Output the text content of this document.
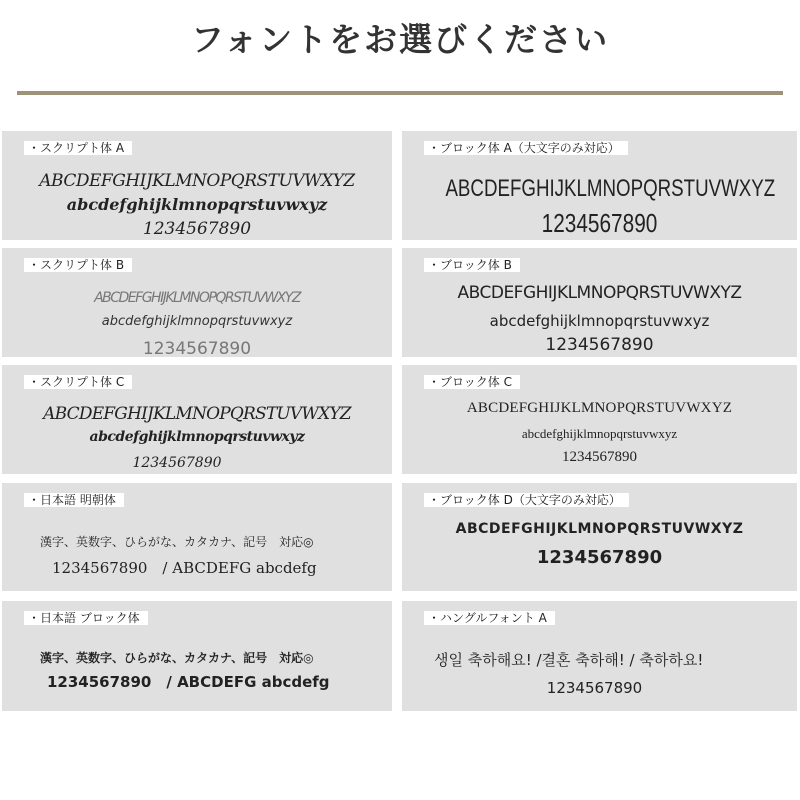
フォントをお選びください
・スクリプト体 A
ABCDEFGHIJKLMNOPQRSTUVWXYZ
abcdefghijklmnopqrstuvwxyz
1234567890
・ブロック体 A（大文字のみ対応）
ABCDEFGHIJKLMNOPQRSTUVWXYZ
1234567890
・スクリプト体 B
ABCDEFGHIJKLMNOPQRSTUVWXYZ
abcdefghijklmnopqrstuvwxyz
1234567890
・ブロック体 B
ABCDEFGHIJKLMNOPQRSTUVWXYZ
abcdefghijklmnopqrstuvwxyz
1234567890
・スクリプト体 C
ABCDEFGHIJKLMNOPQRSTUVWXYZ
abcdefghijklmnopqrstuvwxyz
1234567890
・ブロック体 C
ABCDEFGHIJKLMNOPQRSTUVWXYZ
abcdefghijklmnopqrstuvwxyz
1234567890
・日本語 明朝体
漢字、英数字、ひらがな、カタカナ、記号　対応◎
1234567890　/ ABCDEFG abcdefg
・ブロック体 D（大文字のみ対応）
ABCDEFGHIJKLMNOPQRSTUVWXYZ
1234567890
・日本語 ブロック体
漢字、英数字、ひらがな、カタカナ、記号　対応◎
1234567890　/ ABCDEFG abcdefg
・ハングルフォント A
생일 축하해요! /결혼 축하해! / 축하하요!
1234567890
